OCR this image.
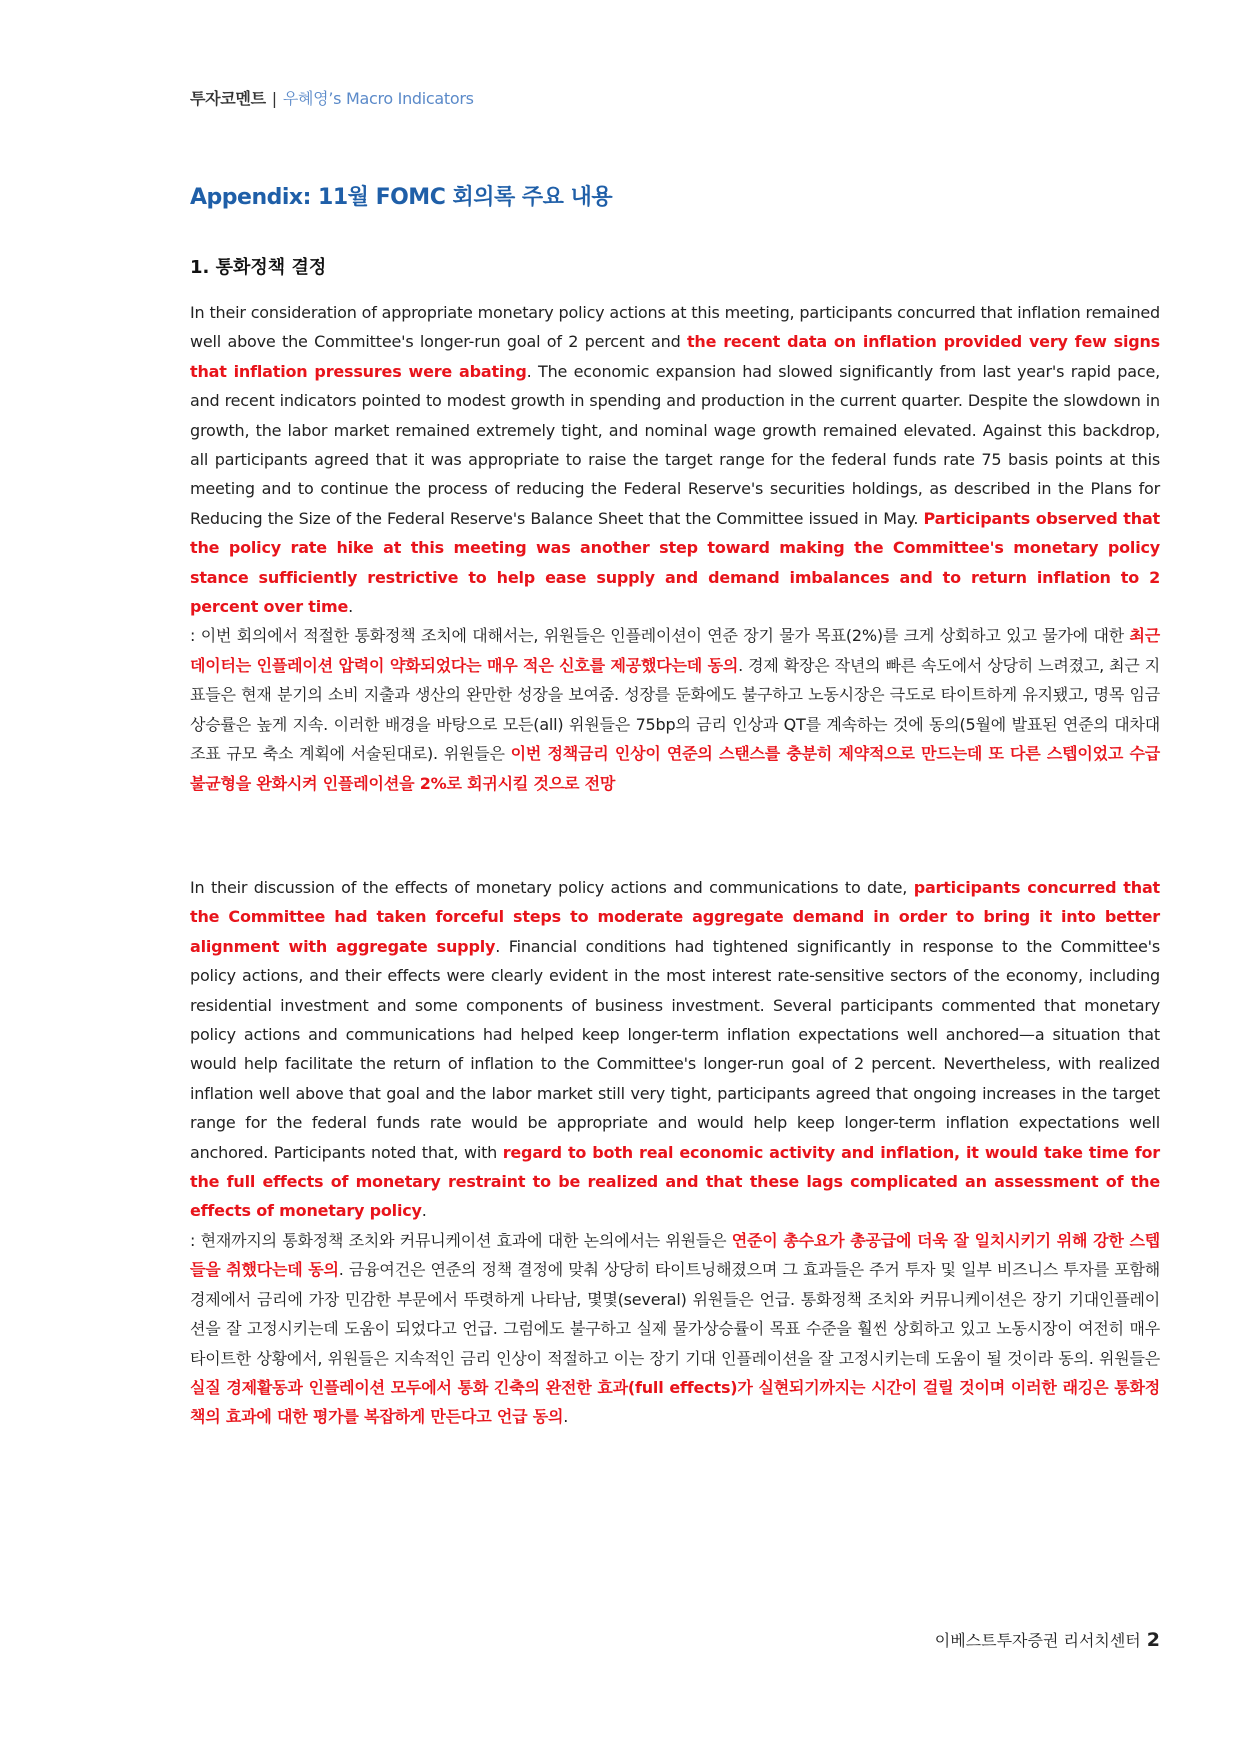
투자코멘트 | 우혜영’s Macro Indicators
Appendix: 11월 FOMC 회의록 주요 내용
1. 통화정책 결정

In their consideration of appropriate monetary policy actions at this meeting, participants concurred that inflation remained well above the Committee's longer-run goal of 2 percent and the recent data on inflation provided very few signs that inflation pressures were abating. The economic expansion had slowed significantly from last year's rapid pace, and recent indicators pointed to modest growth in spending and production in the current quarter. Despite the slowdown in growth, the labor market remained extremely tight, and nominal wage growth remained elevated. Against this backdrop, all participants agreed that it was appropriate to raise the target range for the federal funds rate 75 basis points at this meeting and to continue the process of reducing the Federal Reserve's securities holdings, as described in the Plans for Reducing the Size of the Federal Reserve's Balance Sheet that the Committee issued in May. Participants observed that the policy rate hike at this meeting was another step toward making the Committee's monetary policy stance sufficiently restrictive to help ease supply and demand imbalances and to return inflation to 2 percent over time.

: 이번 회의에서 적절한 통화정책 조치에 대해서는, 위원들은 인플레이션이 연준 장기 물가 목표(2%)를 크게 상회하고 있고 물가에 대한 최근 데이터는 인플레이션 압력이 약화되었다는 매우 적은 신호를 제공했다는데 동의. 경제 확장은 작년의 빠른 속도에서 상당히 느려졌고, 최근 지표들은 현재 분기의 소비 지출과 생산의 완만한 성장을 보여줌. 성장를 둔화에도 불구하고 노동시장은 극도로 타이트하게 유지됐고, 명목 임금 상승률은 높게 지속. 이러한 배경을 바탕으로 모든(all) 위원들은 75bp의 금리 인상과 QT를 계속하는 것에 동의(5월에 발표된 연준의 대차대조표 규모 축소 계획에 서술된대로). 위원들은 이번 정책금리 인상이 연준의 스탠스를 충분히 제약적으로 만드는데 또 다른 스텝이었고 수급 불균형을 완화시켜 인플레이션을 2%로 회귀시킬 것으로 전망

In their discussion of the effects of monetary policy actions and communications to date, participants concurred that the Committee had taken forceful steps to moderate aggregate demand in order to bring it into better alignment with aggregate supply. Financial conditions had tightened significantly in response to the Committee's policy actions, and their effects were clearly evident in the most interest rate-sensitive sectors of the economy, including residential investment and some components of business investment. Several participants commented that monetary policy actions and communications had helped keep longer-term inflation expectations well anchored—a situation that would help facilitate the return of inflation to the Committee's longer-run goal of 2 percent. Nevertheless, with realized inflation well above that goal and the labor market still very tight, participants agreed that ongoing increases in the target range for the federal funds rate would be appropriate and would help keep longer-term inflation expectations well anchored. Participants noted that, with regard to both real economic activity and inflation, it would take time for the full effects of monetary restraint to be realized and that these lags complicated an assessment of the effects of monetary policy.

: 현재까지의 통화정책 조치와 커뮤니케이션 효과에 대한 논의에서는 위원들은 연준이 총수요가 총공급에 더욱 잘 일치시키기 위해 강한 스텝들을 취했다는데 동의. 금융여건은 연준의 정책 결정에 맞춰 상당히 타이트닝해졌으며 그 효과들은 주거 투자 및 일부 비즈니스 투자를 포함해 경제에서 금리에 가장 민감한 부문에서 뚜렷하게 나타남, 몇몇(several) 위원들은 언급. 통화정책 조치와 커뮤니케이션은 장기 기대인플레이션을 잘 고정시키는데 도움이 되었다고 언급. 그럼에도 불구하고 실제 물가상승률이 목표 수준을 훨씬 상회하고 있고 노동시장이 여전히 매우 타이트한 상황에서, 위원들은 지속적인 금리 인상이 적절하고 이는 장기 기대 인플레이션을 잘 고정시키는데 도움이 될 것이라 동의. 위원들은 실질 경제활동과 인플레이션 모두에서 통화 긴축의 완전한 효과(full effects)가 실현되기까지는 시간이 걸릴 것이며 이러한 래깅은 통화정책의 효과에 대한 평가를 복잡하게 만든다고 언급 동의.

이베스트투자증권 리서치센터 2
